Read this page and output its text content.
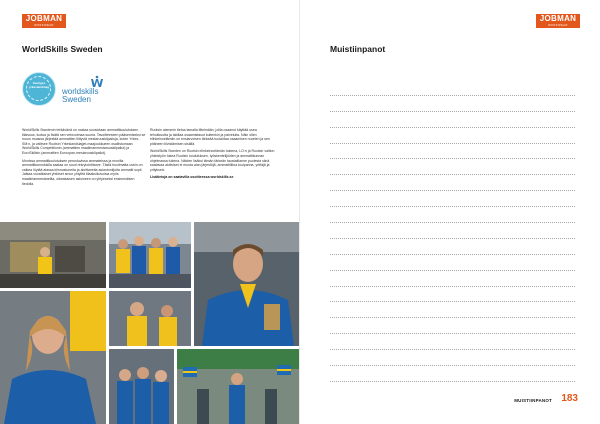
JOBMAN
WORKWEAR
WorldSkills Sweden
Sveriges yrkeslandslag
worldskills
Sweden

WorldSkills Swedenin tehtävänä on nostaa suosiotaan ammattikoulutuksen tilaisuus, luotua ja lisätä sen vetovoimaa suuria. Tavoitteeseen pääsemiseksi se muun muassa järjestää ammattien liittyviä mestaruuskilpailuja, kuten Yrkes-SM:n, ja valitsee Ruotsin Yrkeslandslaget-maajoukkueen osallistumaan WorldSkills Competitionin (ammattien maailmanmestaruuskilpailut) ja EuroSkillsin (ammattien Euroopan-mestaruuskilpailut).

Monissa ammattikoulutuksen perustuvissa ammateissa ja monilla ammattikunnuksilla saataa on suuri rekrytointitarve. Tästä huolimatta usein on vaikea löytää alassa kiinnostuneita ja aloittaneita asiantuntijoita ammatti sopii. Jatkaa vuosittaiset yhtiöset sinun yhtyiltä tilaaksikovuisia myös maailmanmestareilta, oikeakaisen asioineen on yhtyeseksi ensimmäisen tiedolla.

Ruotsin aiemmin tietoa lamalla tiltelmään, joilla osaanut käyttää usea tehokkuutta ja taidtaa osaamistasot kuitenkin ja palveluita. Näin ollen elinkeinoelämän on ensiarvoisen tärkeää tuulahtaa osaamisen nuorten ja sen pitäneen tiivistämisen sisällä.

WorldSkills Sweden on Ruotsin elinkeinoelämän tukema, LO:n ja Ruotsin valtion yhteistyön tukea Ruotsin koulutuksen, työskentelijöiden ja ammattikunnan ohjelmassa tukena. Näiden lisäksi tämän tärkeän taustatilanne puolesta siinä saatavaa aktiiviset ei muuta alan järjestöjä, ammattiliitoa tuulpanna, yrittäjä ja yritykseä.

Lisätietoja on saatavilla osoitteessa worldskills.se

JOBMAN
WORKWEAR
Muistiinpanot
MUISTIINPANOT 183
